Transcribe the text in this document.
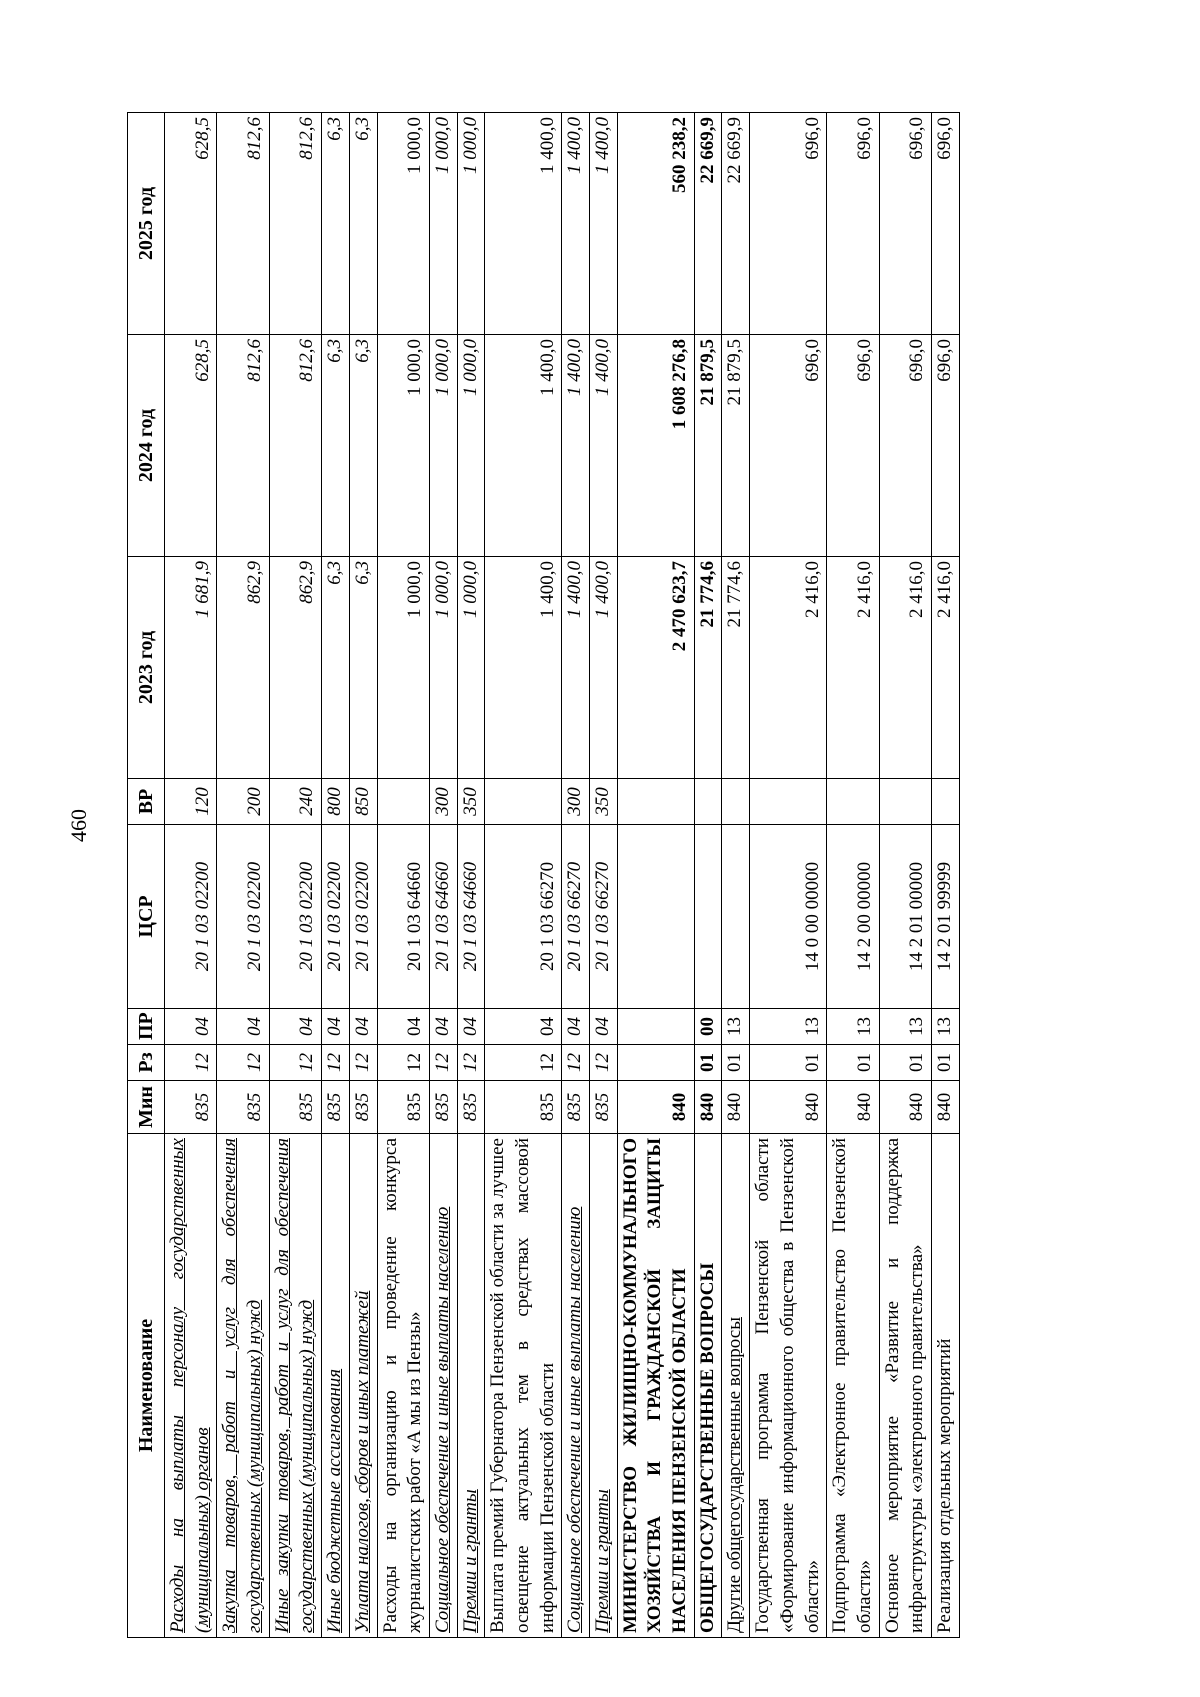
460
Наименование	Мин	Рз	ПР	ЦСР	ВР	2023 год	2024 год	2025 год
Расходы на выплаты персоналу государственных (муниципальных) органов	835	12	04	20 1 03 02200	120	1 681,9	628,5	628,5
Закупка товаров, работ и услуг для обеспечения государственных (муниципальных) нужд	835	12	04	20 1 03 02200	200	862,9	812,6	812,6
Иные закупки товаров, работ и услуг для обеспечения государственных (муниципальных) нужд	835	12	04	20 1 03 02200	240	862,9	812,6	812,6
Иные бюджетные ассигнования	835	12	04	20 1 03 02200	800	6,3	6,3	6,3
Уплата налогов, сборов и иных платежей	835	12	04	20 1 03 02200	850	6,3	6,3	6,3
Расходы на организацию и проведение конкурса журналистских работ «А мы из Пензы»	835	12	04	20 1 03 64660		1 000,0	1 000,0	1 000,0
Социальное обеспечение и иные выплаты населению	835	12	04	20 1 03 64660	300	1 000,0	1 000,0	1 000,0
Премии и гранты	835	12	04	20 1 03 64660	350	1 000,0	1 000,0	1 000,0
Выплата премий Губернатора Пензенской области за лучшее освещение актуальных тем в средствах массовой информации Пензенской области	835	12	04	20 1 03 66270		1 400,0	1 400,0	1 400,0
Социальное обеспечение и иные выплаты населению	835	12	04	20 1 03 66270	300	1 400,0	1 400,0	1 400,0
Премии и гранты	835	12	04	20 1 03 66270	350	1 400,0	1 400,0	1 400,0
МИНИСТЕРСТВО ЖИЛИЩНО-КОММУНАЛЬНОГО ХОЗЯЙСТВА И ГРАЖДАНСКОЙ ЗАЩИТЫ НАСЕЛЕНИЯ ПЕНЗЕНСКОЙ ОБЛАСТИ	840					2 470 623,7	1 608 276,8	560 238,2
ОБЩЕГОСУДАРСТВЕННЫЕ ВОПРОСЫ	840	01	00			21 774,6	21 879,5	22 669,9
Другие общегосударственные вопросы	840	01	13			21 774,6	21 879,5	22 669,9
Государственная программа Пензенской области «Формирование информационного общества в Пензенской области»	840	01	13	14 0 00 00000		2 416,0	696,0	696,0
Подпрограмма «Электронное правительство Пензенской области»	840	01	13	14 2 00 00000		2 416,0	696,0	696,0
Основное мероприятие «Развитие и поддержка инфраструктуры «электронного правительства»	840	01	13	14 2 01 00000		2 416,0	696,0	696,0
Реализация отдельных мероприятий	840	01	13	14 2 01 99999		2 416,0	696,0	696,0
